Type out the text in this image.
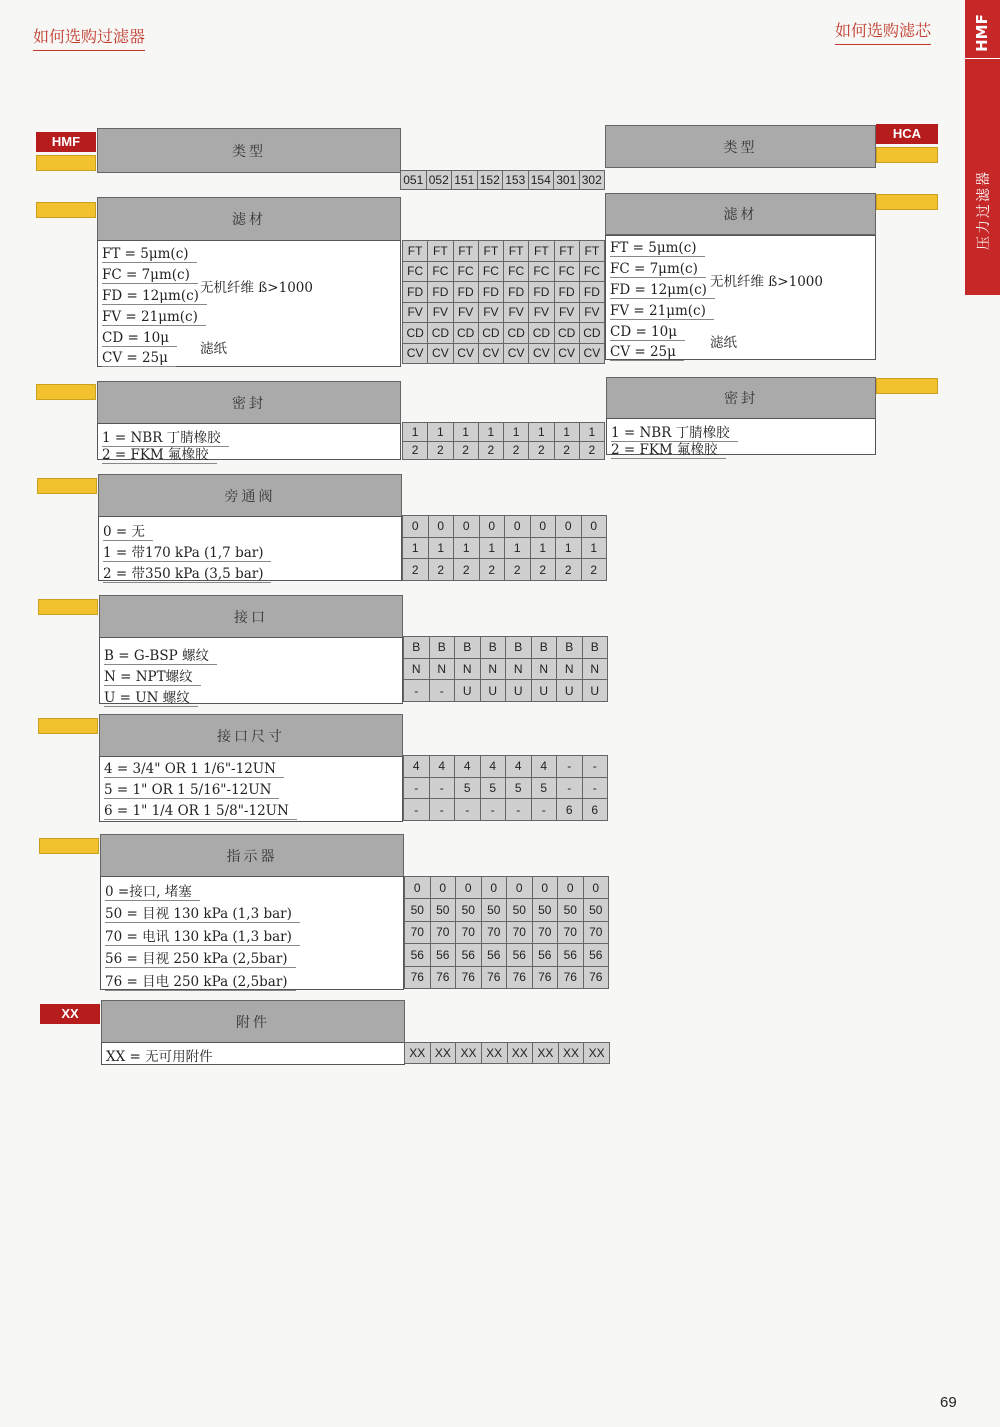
如何选购过滤器	如何选购滤芯	HMF
压力过滤器
HMF
类型
051 052 151 152 153 154 301 302
类型
HCA
滤材
FT = 5μm(c)
FC = 7μm(c)
FD = 12μm(c)
FV = 21μm(c)
CD = 10μ
CV = 25μ
无机纤维 ß>1000
滤纸
FT FT FT FT FT FT FT FT
FC FC FC FC FC FC FC FC
FD FD FD FD FD FD FD FD
FV FV FV FV FV FV FV FV
CD CD CD CD CD CD CD CD
CV CV CV CV CV CV CV CV
滤材
FT = 5μm(c)
FC = 7μm(c)
FD = 12μm(c)
FV = 21μm(c)
CD = 10μ
CV = 25μ
无机纤维 ß>1000
滤纸
密封
1 = NBR 丁腈橡胶
2 = FKM 氟橡胶
1	1	1	1	1	1	1	1
2	2	2	2	2	2	2	2
密封
1 = NBR 丁腈橡胶
2 = FKM 氟橡胶
旁通阀
0 = 无
1 = 带170 kPa (1,7 bar)
2 = 带350 kPa (3,5 bar)
0	0	0	0	0	0	0	0
1	1	1	1	1	1	1	1
2	2	2	2	2	2	2	2
接口
B = G-BSP 螺纹
N = NPT螺纹
U = UN 螺纹
B	B	B	B	B	B	B	B
N	N	N	N	N	N	N	N
-	-	U	U	U	U	U	U
接口尺寸
4 = 3/4" OR 1 1/6"-12UN
5 = 1" OR 1 5/16"-12UN
6 = 1" 1/4 OR 1 5/8"-12UN
4	4	4	4	4	4	-	-
-	-	5	5	5	5	-	-
-	-	-	-	-	-	6	6
指示器
0 =接口, 堵塞
50 = 目视 130 kPa (1,3 bar)
70 = 电讯 130 kPa (1,3 bar)
56 = 目视 250 kPa (2,5bar)
76 = 目电 250 kPa (2,5bar)
0	0	0	0	0	0	0	0
50	50	50	50	50	50	50	50
70	70	70	70	70	70	70	70
56	56	56	56	56	56	56	56
76	76	76	76	76	76	76	76
XX
附件
XX = 无可用附件	XX XX XX XX XX XX XX XX
69
